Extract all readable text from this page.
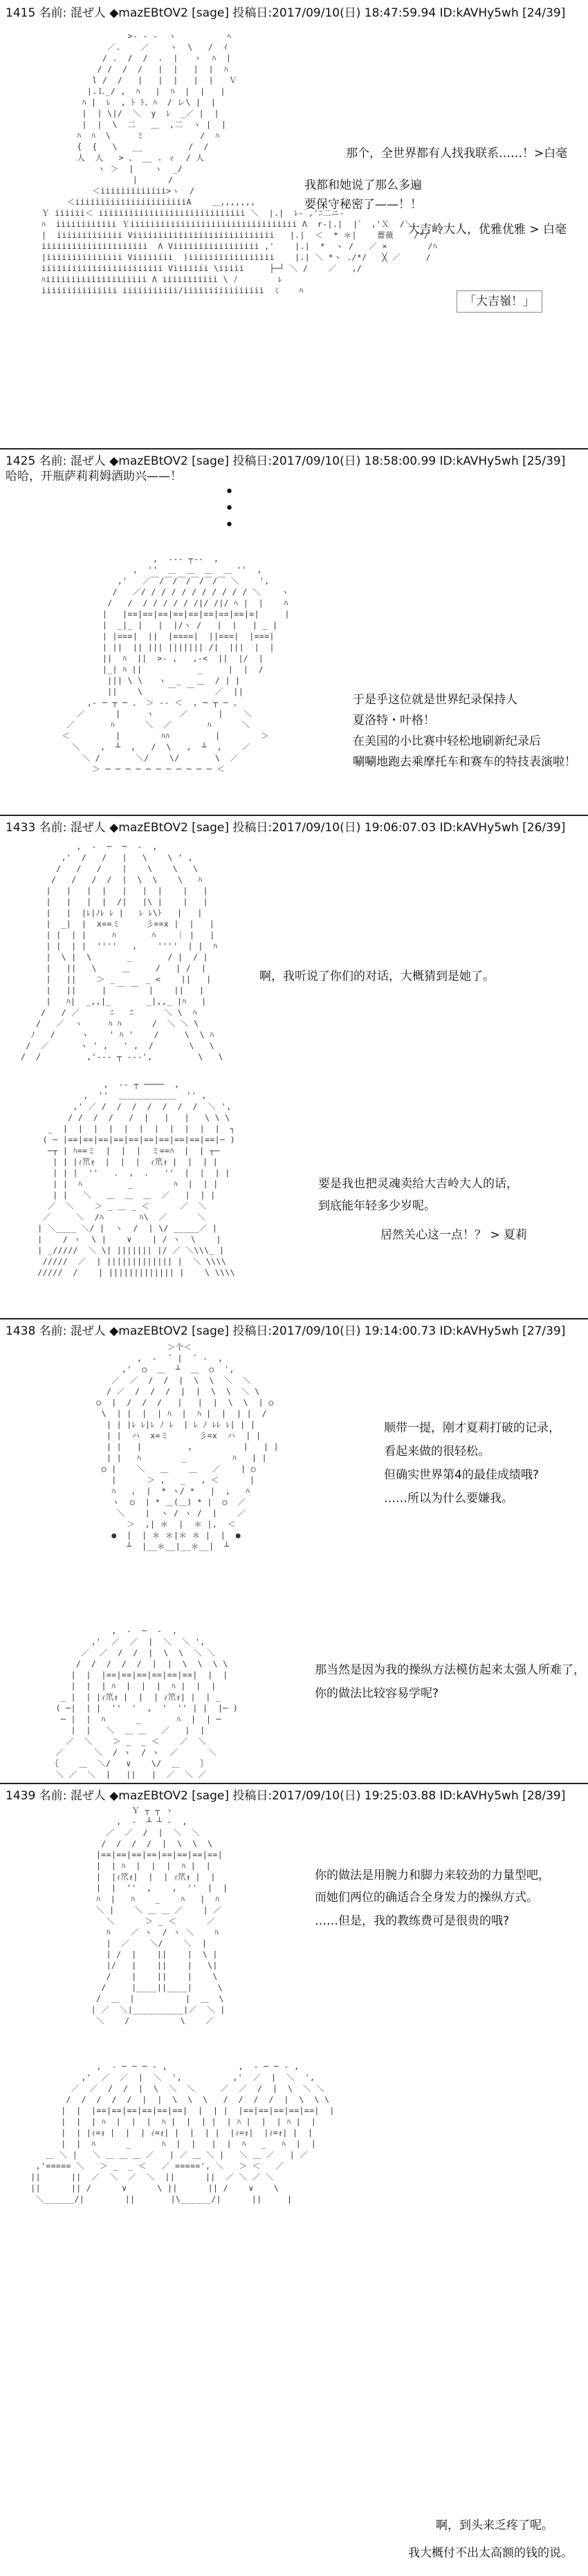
1415 名前: 混ぜ人 ◆mazEBtOV2 [sage] 投稿日:2017/09/10(日) 18:47:59.94 ID:kAVHy5wh [24/39]
>- - -  ヽ          ﾍ
／.    ／    ヽ  \   /  ｲ
/ .  /  /  .  |   ヽ  ﾊ  |
/ /  /  /   |  |   |  |  ﾊ
l /  /   |   |  |   |  |   Ｖ
|.Ｌ_/ ,  ﾊ   |  ﾊ  |  |   |
ﾊ |  ﾚ  , ﾄ ﾄ、ﾊ  / レ\ |  |
|  | \|/  ＼  y  ﾚ  _／ |  |
|  |  \  二   ＿  ,二  ヽ |  |
ﾊ  ﾊ  \     ミ           /  ﾊ
{  {   \   __         /  /
人  人   > 、 __ . ィ  / 人
ヽ ＞  |    ヽ  _/
|      /
＜iiiiiiiiiiiii>ヽ  /
＜iiiiiiiiiiiiiiiiiiiiiiA    ＿,,,,,,,
Ｙ iiiiii＜ iiiiiiiiiiiiiiiiiiiiiiiiiiiii ＼  |.|  ﾚ- ,'ﾆ二ニ-
ﾊ  iiiiiiiiiiii Ｙiiiiiiiiiiiiiiiiiiiiiiiiiiiiiiiii Λ  r-|.|  |゛ ,'Ｘ  /＼
|  iiiiiiiiiiiii Viiiiiiiiiiiiiiiiiiiiiiiiiiii   |.|  ＜  * ＊|    薔薇    /*/
iiiiiiiiiiiiiiiiiiiii  Λ Viiiiiiiiiiiiiiiii ,'    |.|  *  ヽ /   ／ ×        /ﾊ
|iiiiiiiiiiiiiii Viiiiiiii  )iiiiiiiiiiiiiiiii    |.| ＼ *ヽ ./*/   ╳ ／     /
iiiiiiiiiiiiiiiiiiiiiiii Viiiiiii \iiiii     ├─┘ ＼ /    ／   ,/
ﾊiiiiiiiiiiiiiiiiiiii Λ iiiiiiiiiii \ ﾉ        ﾚ
iiiiiiiiiiiiiii iiiiiiiiiii/iiiiiiiiiiiiiiii  ﾐ    ﾊ
那个，全世界都有人找我联系……！>白毫
我都和她说了那么多遍
要保守秘密了——！！
大吉岭大人，优雅优雅 > 白毫
「大吉嶺！」
1425 名前: 混ぜ人 ◆mazEBtOV2 [sage] 投稿日:2017/09/10(日) 18:58:00.99 ID:kAVHy5wh [25/39]
哈哈，开瓶萨莉莉姆酒助兴——！
•
•
•
,  --- ┬--  ,
,  ''  ＿  ＿  ＿  ＿ ''  ,
,'   ／￣/￣/￣/￣/￣/￣ ＼    ',
/   ／/ / / / / / / / / / / ＼    ヽ
/   /  / / / / / /|/ /|/ ﾍ |  |    ﾊ
|   |==|==|==|==|==|==|==|==|=|     |
|  _|_ |   |  |/ヽ /   |  |   | _ |
| |===|  ||  |====|  ||===|  |===|
| ||  || ||| ||||||| /|  |||  |  |
||  ﾊ  ||  >- ,   ,-<  ||  |/  |
|_| ﾊ ||           _     |  |  /
||| \ \   ヽ  _   ＿  / | |
||    \     ￣  ￣    ／  ||
,- ─ ┬ ─ 、 ＞ -- ＜  , ─ ┬ ─ 、
／      |     ヽ     ／      |    ＼
／       ﾊ      ＼  ／       ﾊ      ＼
＜         |        ﾊﾊ         |        ＞
＼    ,  ┴  ,   /  \   ,  ┴  ,    ／
＼ /       ＼/    \/       \  ／
＞ ─ ─ ─ ─ ─ ─ ─ ─ ─ ─ ─ ＜
于是乎这位就是世界纪录保持人
夏洛特・叶格！
在美国的小比赛中轻松地刷新纪录后
唰唰地跑去乘摩托车和赛车的特技表演啦！
1433 名前: 混ぜ人 ◆mazEBtOV2 [sage] 投稿日:2017/09/10(日) 19:06:07.03 ID:kAVHy5wh [26/39]
,  -  ─  ─  -  ,
,'  /   /   |   \    \ ' ,
/   /   /    |    \    \   \
/   /   /  /  |  \  \    \   ﾊ
|   |   |  |   |   |  |    |   |
|   |   |  |  /|   |\ |    |   |
|   |  |ﾚ|ﾉﾚ ﾚ |   ﾚ ﾚ\ﾄ   |   |
|  _|  |  x==ミ     彡==x |  |   |
| |  | |     ﾊ       ﾊ    ｜ |   |
| |  | |  ''''   ,    ''''  | |  ﾊ
|  \ |  \       _       / |  / |
|   ||   \     ＿     /   | /  |
|   ||    ＞ _      _ <    ||   |
|   ||     |  ￣ ￣  |    ||   |
|   ﾊ|  _,,|_       _|,,_ |ﾊ   |
/   / ／      ﾆ   ﾆ      ＼ \  ﾊ
/   ／  ヽ     ﾊ ﾊ      /  ＼ ＼ \
ﾉ   /     ヽ    ' ﾊ '    /     \  \ ﾊ
/  ／      ヽ ' ,   ' ,  /       \   \
/  /         ,'--- ┬ ---',         \   \
啊，我听说了你们的对话，大概猜到是她了。
,  -- ┬ ────  ,
,  ''  ＿＿＿＿＿＿＿  '' ,
,' ／ /  /  /  /  /  /  /  ＼ ',
/ /  /  /   /  |   |   |   \ \ \
_  |  |  |  |  |  |  |  |  |  |  |  ┐
( ─ |==|==|==|==|==|==|==|==|==|==|─ )
─┬ | ﾊ==ミ  |  |  |  ミ==ﾊ  |  | ┬─
| | |ｨ笊ｫ  |  |  |  ｨ笊ｫ |  |  | |
| | |  ''   .  ,  .   ''  |  |  | |
| |  ﾊ         _        ﾊ  |  | |
| |   ＼   ＿  ＿  ＿  ／   |  | |
／  ＼    ＞ _ ＿ _ ＜      ／  ＼
／     ＼  /ﾊ       ﾊ\  ／      ＼
| ＼____ ＼/ |  ヽ  /  | \/ _____／ |
|    / ヽ  \ |    ∨    | / ヽ  \    |
| _/////  ＼ \| ||||||| |/ ／ ＼\\\_ |
/////  ／  | ||||||||||||| |  ＼ \\\\
/////  /    | ||||||||||||| |    \ \\\\
要是我也把灵魂卖给大吉岭大人的话，
到底能年轻多少岁呢。
居然关心这一点！？ > 夏莉
1438 名前: 混ぜ人 ◆mazEBtOV2 [sage] 投稿日:2017/09/10(日) 19:14:00.73 ID:kAVHy5wh [27/39]
＞个＜
,  -  ´ |  ` -  ,
,'  ○  ＿  ┴  ＿  ○  ',
／  ／  /  /  |  \  \  ＼  ＼
/ ／  /  /  /  |  |  \  \  ＼ \
○  |  /  /  /   |   |  |  \  \  | ○
\  | |  |  | ﾊ  |  ﾊ |  |  | |  /
| | |ﾚ ﾚ|ﾚ ﾉ ﾚ  | ﾚ ﾉ ﾚﾚ ﾚ| | |
| |  ハ  x=ミ      彡=x  ハ  | |
| |   |         ,          |   | |
| |   ﾊ        _         ﾊ   | |
○ |    ＼   ＿    ＿   ／    | ○
|      ＞ ,   _   , ＜      |
ﾊ   ,  |  * ヽ/ *   |  ,   ﾊ
ヽ  ○  | * ＿(＿) * |  ○  ／
＼    |  ヽ / ヽ /  |    ／
＞  ,| ＊  |  ＊ |,  ＜
●  |  | ＊ ＊|＊ ＊ |  |  ●
┴  |__＊__|__＊__|  ┴
顺带一提，刚才夏莉打破的记录，
看起来做的很轻松。
但确实世界第4的最佳成绩哦?
……所以为什么要嫌我。
,  -  ─  -  ,
,'  ／  ／  |  ＼  ＼ ',
／  ／  /  /  |  \  \  ＼ ＼
/  /  /  /  /  |  |  \  \  \ \
|  |  |==|==|==|==|==|==|  |  |
|  |  | ﾊ  |  |  |  ﾊ |  |  |
_ |  | |ｨ笊ｫ |  |  | ｨ笊ｫ| |  | _
( ─|  | |  ''  '  ,  '  '' | |  |─ )
─ |  |  ﾊ      _       ﾊ  |  | ─
|  |   ＼  ＿ ＿   ／   |  |
／  ＼    ＞ _  _ ＜    ／  ＼
／      ＼  / ヽ  / ヽ  ／      ＼
｛    ＿  ＼/   ∨    \/  ＿    ｝
＼ ／  ＼  |   ||   |  ／  ＼ ／
那当然是因为我的操纵方法模仿起来太强人所难了，
你的做法比较容易学呢?
1439 名前: 混ぜ人 ◆mazEBtOV2 [sage] 投稿日:2017/09/10(日) 19:25:03.88 ID:kAVHy5wh [28/39]
Ｙ ┬ ┬ ヽ
,  -  ┴ ┴ -  ,
／  ／  /  |  ＼  ＼
/  /  /  /  |  \  \  \
|==|==|==|==|==|==|==|==|
|  | ﾊ  |  |  |  ﾊ |  |
|  |ｨ笊ｫ|  |  | ｨ笊ｫ |  |
|  |  ''  ,    ,  ''  |  |
ﾊ  |   ﾊ    _    ﾊ   |  ﾊ
＼ |    ＼ ＿ ＿ ／    | ／
＼      ＞ _ ＜      ／
ﾊ    ／ ヽ  / ヽ ＼    ﾊ
|  ／    ＼/    ＼  |
| /  |    ||    |  \ |
|/   |    ||    |   \|
/    |    ||    |    \
/     |____||____|     \
/  ＿  |          |  ＿  \
| ／  ＼|__________|／  ＼ |
＼    /          \    ／
你的做法是用腕力和脚力来较劲的力量型吧，
而她们两位的确适合全身发力的操纵方式。
……但是，我的教练费可是很贵的哦?
,  - ─ ─ ─ - ,              ,  - ─ ─ - ,
,'  ／  ／  |  ＼  ',          ,'  ／  |  ＼  ',
／  ／  /  /  |  \  ＼  ＼     ／  ／  /  |  \  ＼ ＼
/  /  /  /  /  |  |  \  \  \   /  /  /  /  |  \  \ \
|  |  |==|==|==|==|==|==|  |  | |  |==|==|==|==|==|  |
|  |  | ﾊ  |  |  |  ﾊ |  |  | |  | ﾊ |  |  | ﾊ |  |
|  | |ｨ=ｫ |  |  | ｨ=ｫ| |  |  | |  |ｨ=ｫ|  |ｨ=ｫ| |  |
|  |  ﾊ      _      ﾊ  |  |   |  |  ﾊ   _   ﾊ  |  |
＿ ＼ |   ＼ ＿ ＿ ＿ ／   | ／ ＿ ＼ |   ＼ ＿ ／   | ／
,'===== ＼   ＞ _  _ ＜   ／ =====', ＼   ＞ ＜   ／
||      ||  ／  ＼  ／  ＼  ||      ||  ／ ＼ ／ ＼
||      || /      ∨      \ ||      || /    ∨    \
＼______/|        ||       |\______/|      ||     |
啊，到头来乏疼了呢。
我大概付不出太高额的钱的说。
